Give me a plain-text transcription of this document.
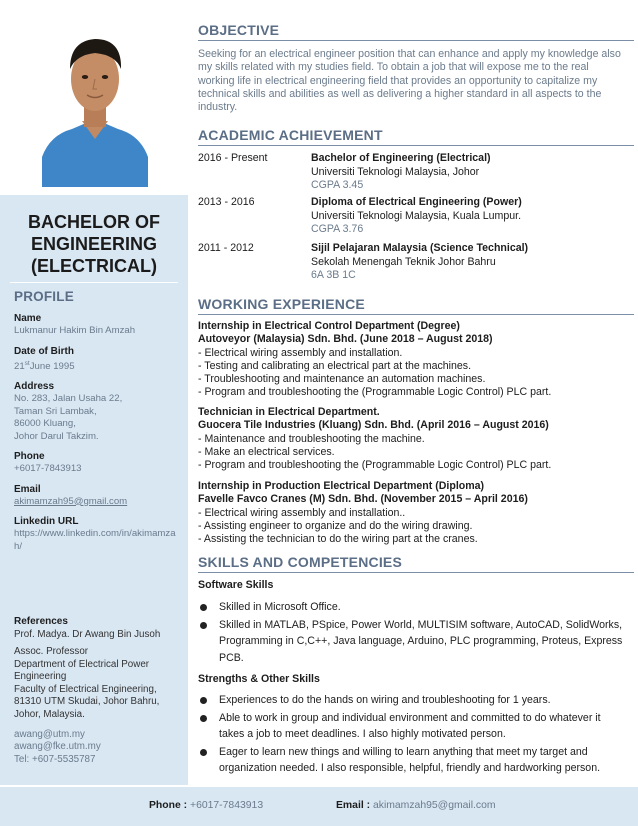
BACHELOR OF ENGINEERING (ELECTRICAL)
PROFILE
Name
Lukmanur Hakim Bin Amzah
Date of Birth
21stJune 1995
Address
No. 283, Jalan Usaha 22,
Taman Sri Lambak,
86000 Kluang,
Johor Darul Takzim.
Phone
+6017-7843913
Email
akimamzah95@gmail.com
Linkedin URL
https://www.linkedin.com/in/akimamzah/
References
Prof. Madya. Dr Awang Bin Jusoh
Assoc. Professor
Department of Electrical Power Engineering
Faculty of Electrical Engineering,
81310 UTM Skudai, Johor Bahru,
Johor, Malaysia.
awang@utm.my
awang@fke.utm.my
Tel: +607-5535787
OBJECTIVE
Seeking for an electrical engineer position that can enhance and apply my knowledge also my skills related with my studies field. To obtain a job that will expose me to the real working life in electrical engineering field that provides an opportunity to capitalize my technical skills and abilities as well as delivering a higher standard in all aspects to the industry.
ACADEMIC ACHIEVEMENT
2016 - Present	Bachelor of Engineering (Electrical)
Universiti Teknologi Malaysia, Johor
CGPA 3.45
2013 - 2016	Diploma of Electrical Engineering (Power)
Universiti Teknologi Malaysia, Kuala Lumpur.
CGPA 3.76
2011 - 2012	Sijil Pelajaran Malaysia (Science Technical)
Sekolah Menengah Teknik Johor Bahru
6A 3B 1C
WORKING EXPERIENCE
Internship in Electrical Control Department (Degree)
Autoveyor (Malaysia) Sdn. Bhd. (June 2018 – August 2018)
- Electrical wiring assembly and installation.
- Testing and calibrating an electrical part at the machines.
- Troubleshooting and maintenance an automation machines.
- Program and troubleshooting the (Programmable Logic Control) PLC part.
Technician in Electrical Department.
Guocera Tile Industries (Kluang) Sdn. Bhd. (April 2016 – August 2016)
- Maintenance and troubleshooting the machine.
- Make an electrical services.
- Program and troubleshooting the (Programmable Logic Control) PLC part.
Internship in Production Electrical Department (Diploma)
Favelle Favco Cranes (M) Sdn. Bhd. (November 2015 – April 2016)
- Electrical wiring assembly and installation..
- Assisting engineer to organize and do the wiring drawing.
- Assisting the technician to do the wiring part at the cranes.
SKILLS AND COMPETENCIES
Software Skills
Skilled in Microsoft Office.
Skilled in MATLAB, PSpice, Power World, MULTISIM software, AutoCAD, SolidWorks, Programming in C,C++, Java language, Arduino, PLC programming, Proteus, Express PCB.
Strengths & Other Skills
Experiences to do the hands on wiring and troubleshooting for 1 years.
Able to work in group and individual environment and committed to do whatever it takes a job to meet deadlines. I also highly motivated person.
Eager to learn new things and willing to learn anything that meet my target and organization needed. I also responsible, helpful, friendly and hardworking person.
Phone : +6017-7843913	Email : akimamzah95@gmail.com
